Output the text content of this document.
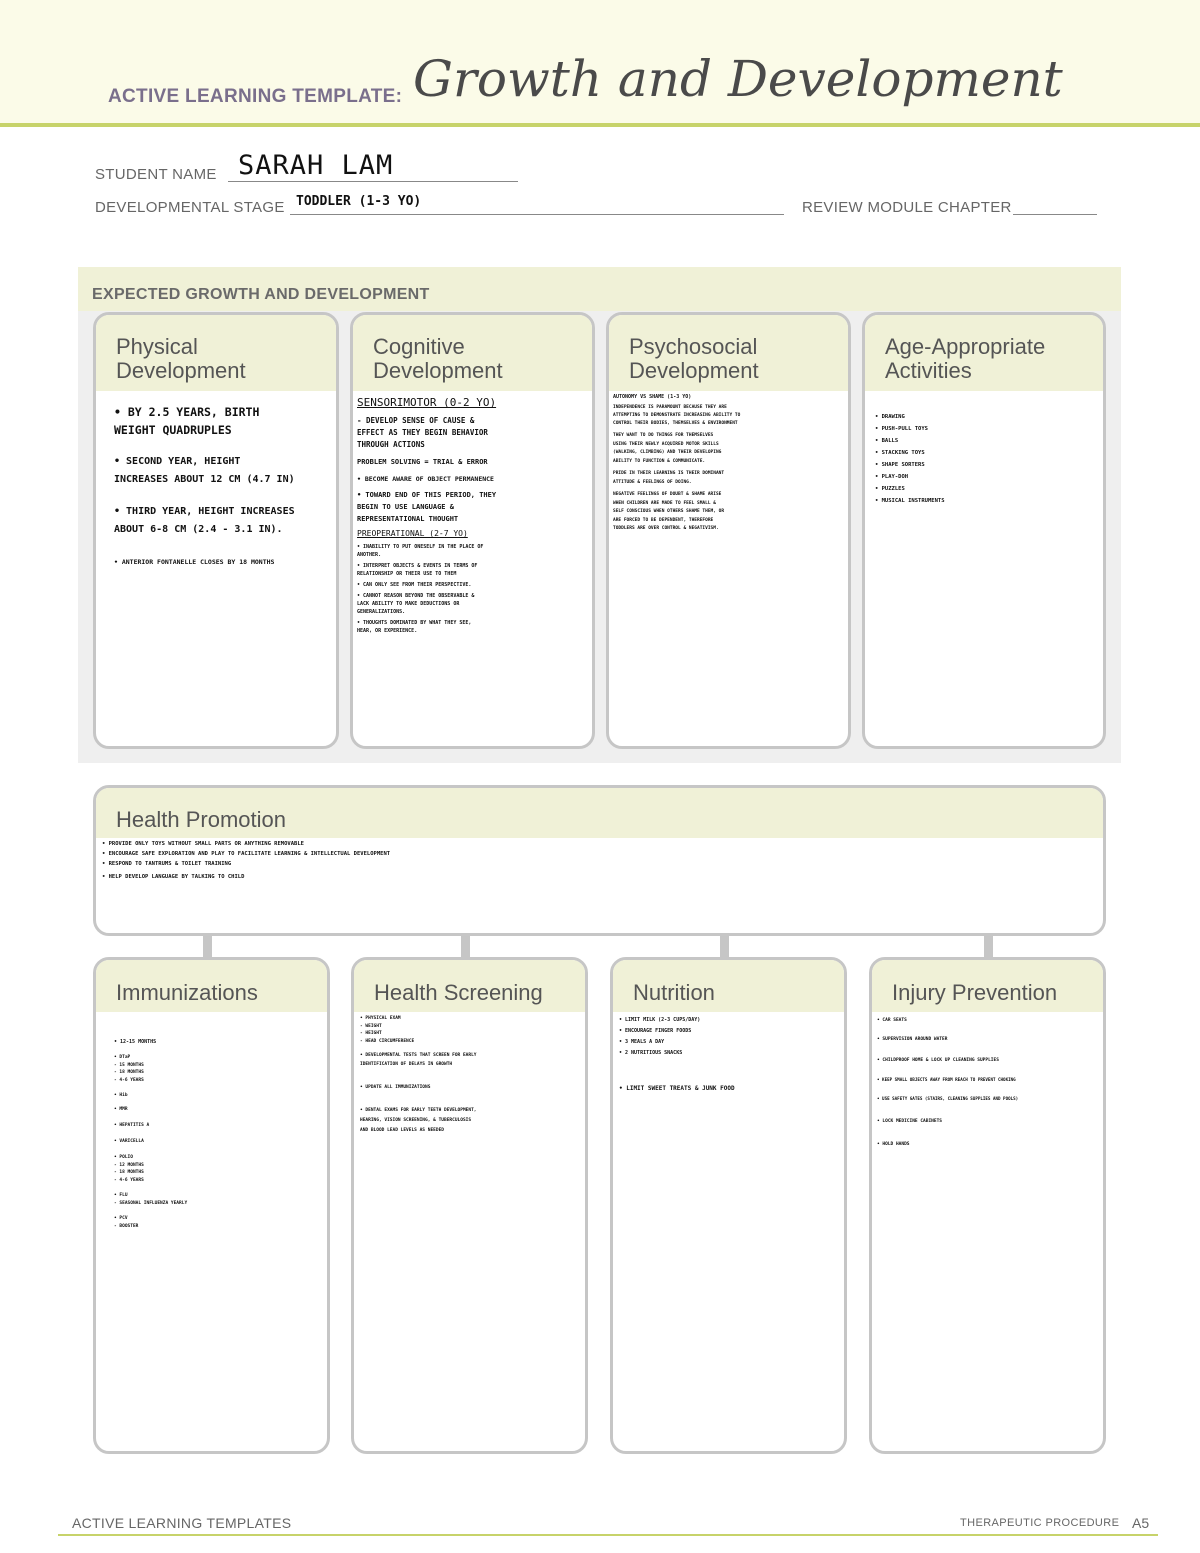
ACTIVE LEARNING TEMPLATE: Growth and Development
STUDENT NAME SARAH LAM
DEVELOPMENTAL STAGE TODDLER (1-3 YO)	REVIEW MODULE CHAPTER
EXPECTED GROWTH AND DEVELOPMENT
Physical
Development
• BY 2.5 YEARS, BIRTH
WEIGHT QUADRUPLES
• SECOND YEAR, HEIGHT
INCREASES ABOUT 12 CM (4.7 IN)
• THIRD YEAR, HEIGHT INCREASES
ABOUT 6-8 CM (2.4 - 3.1 IN).
• ANTERIOR FONTANELLE CLOSES BY 18 MONTHS
Cognitive
Development
SENSORIMOTOR (0-2 YO)
- DEVELOP SENSE OF CAUSE &
EFFECT AS THEY BEGIN BEHAVIOR
THROUGH ACTIONS
PROBLEM SOLVING = TRIAL & ERROR
• BECOME AWARE OF OBJECT PERMANENCE
• TOWARD END OF THIS PERIOD, THEY
BEGIN TO USE LANGUAGE &
REPRESENTATIONAL THOUGHT
PREOPERATIONAL (2-7 YO)
• INABILITY TO PUT ONESELF IN THE PLACE OF
ANOTHER.
• INTERPRET OBJECTS & EVENTS IN TERMS OF
RELATIONSHIP OR THEIR USE TO THEM
• CAN ONLY SEE FROM THEIR PERSPECTIVE.
• CANNOT REASON BEYOND THE OBSERVABLE &
LACK ABILITY TO MAKE DEDUCTIONS OR
GENERALIZATIONS.
• THOUGHTS DOMINATED BY WHAT THEY SEE,
HEAR, OR EXPERIENCE.
Psychosocial
Development
AUTONOMY VS SHAME (1-3 YO)
INDEPENDENCE IS PARAMOUNT BECAUSE THEY ARE
ATTEMPTING TO DEMONSTRATE INCREASING ABILITY TO
CONTROL THEIR BODIES, THEMSELVES & ENVIRONMENT
THEY WANT TO DO THINGS FOR THEMSELVES
USING THEIR NEWLY ACQUIRED MOTOR SKILLS
(WALKING, CLIMBING) AND THEIR DEVELOPING
ABILITY TO FUNCTION & COMMUNICATE.
PRIDE IN THEIR LEARNING IS THEIR DOMINANT
ATTITUDE & FEELINGS OF DOING.
NEGATIVE FEELINGS OF DOUBT & SHAME ARISE
WHEN CHILDREN ARE MADE TO FEEL SMALL &
SELF CONSCIOUS WHEN OTHERS SHAME THEM, OR
ARE FORCED TO BE DEPENDENT, THEREFORE
TODDLERS ARE OVER CONTROL & NEGATIVISM.
Age-Appropriate
Activities
• DRAWING
• PUSH-PULL TOYS
• BALLS
• STACKING TOYS
• SHAPE SORTERS
• PLAY-DOH
• PUZZLES
• MUSICAL INSTRUMENTS
Health Promotion
• PROVIDE ONLY TOYS WITHOUT SMALL PARTS OR ANYTHING REMOVABLE
• ENCOURAGE SAFE EXPLORATION AND PLAY TO FACILITATE LEARNING & INTELLECTUAL DEVELOPMENT
• RESPOND TO TANTRUMS & TOILET TRAINING
• HELP DEVELOP LANGUAGE BY TALKING TO CHILD
Immunizations
• 12-15 MONTHS
• DTaP
- 15 MONTHS
- 18 MONTHS
- 4-6 YEARS
• Hib
• MMR
• HEPATITIS A
• VARICELLA
• POLIO
- 12 MONTHS
- 18 MONTHS
- 4-6 YEARS
• FLU
- SEASONAL INFLUENZA YEARLY
• PCV
- BOOSTER
Health Screening
• PHYSICAL EXAM
- WEIGHT
- HEIGHT
- HEAD CIRCUMFERENCE
• DEVELOPMENTAL TESTS THAT SCREEN FOR EARLY
IDENTIFICATION OF DELAYS IN GROWTH
• UPDATE ALL IMMUNIZATIONS
• DENTAL EXAMS FOR EARLY TEETH DEVELOPMENT,
HEARING, VISION SCREENING, & TUBERCULOSIS
AND BLOOD LEAD LEVELS AS NEEDED
Nutrition
• LIMIT MILK (2-3 CUPS/DAY)
• ENCOURAGE FINGER FOODS
• 3 MEALS A DAY
• 2 NUTRITIOUS SNACKS
• LIMIT SWEET TREATS & JUNK FOOD
Injury Prevention
• CAR SEATS
• SUPERVISION AROUND WATER
• CHILDPROOF HOME & LOCK UP CLEANING SUPPLIES
• KEEP SMALL OBJECTS AWAY FROM REACH TO PREVENT CHOKING
• USE SAFETY GATES (STAIRS, CLEANING SUPPLIES AND POOLS)
• LOCK MEDICINE CABINETS
• HOLD HANDS
ACTIVE LEARNING TEMPLATES	THERAPEUTIC PROCEDURE A5
